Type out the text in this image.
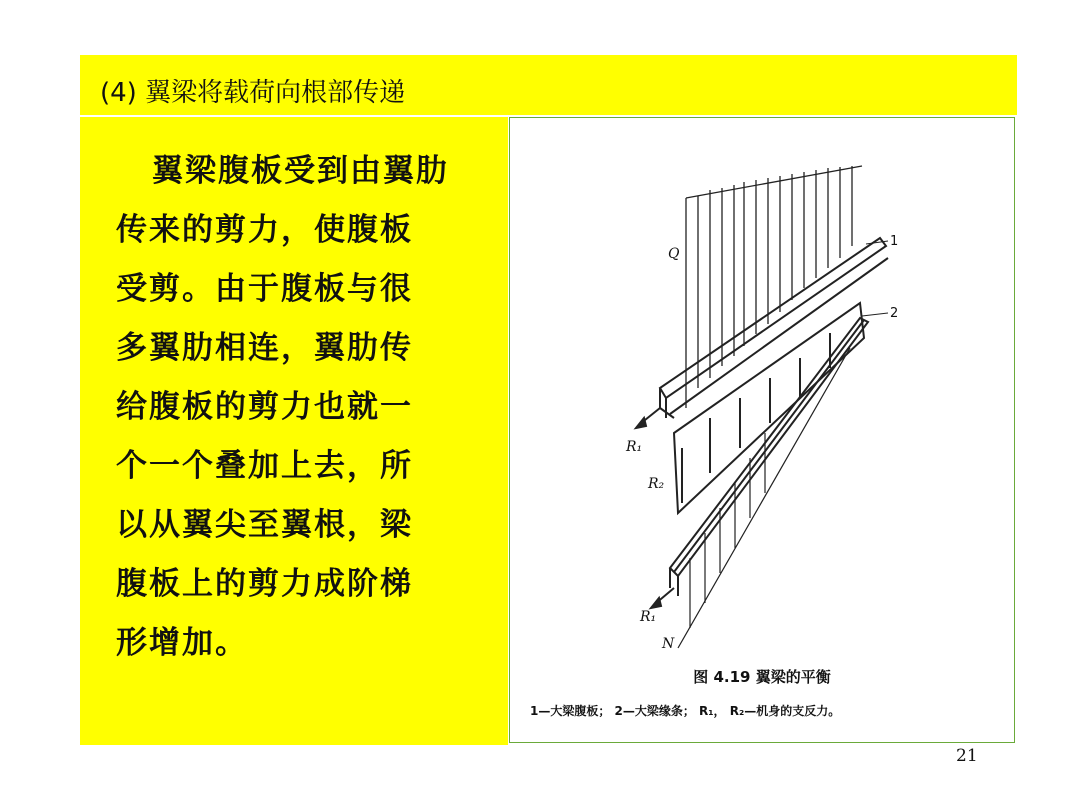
(4) 翼梁将载荷向根部传递
翼梁腹板受到由翼肋
传来的剪力，使腹板
受剪。由于腹板与很
多翼肋相连，翼肋传
给腹板的剪力也就一
个一个叠加上去，所
以从翼尖至翼根，梁
腹板上的剪力成阶梯
形增加。
Q
1
2
R₁
R₂
R₁
N
图 4.19 翼梁的平衡
1—大梁腹板； 2—大梁缘条； R₁， R₂—机身的支反力。
21
